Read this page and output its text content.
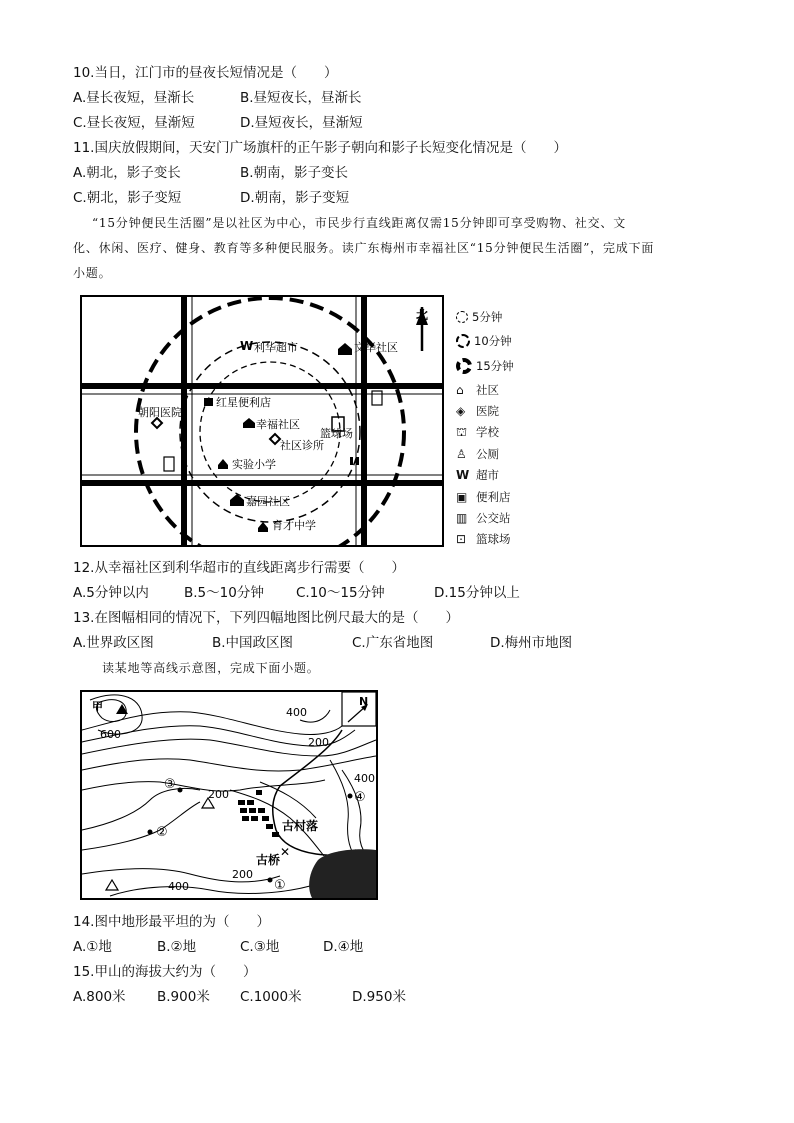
10.当日，江门市的昼夜长短情况是（　　）
A.昼长夜短，昼渐长	B.昼短夜长，昼渐长
C.昼长夜短，昼渐短	D.昼短夜长，昼渐短
11.国庆放假期间，天安门广场旗杆的正午影子朝向和影子长短变化情况是（　　）
A.朝北，影子变长	B.朝南，影子变长
C.朝北，影子变短	D.朝南，影子变短
“15分钟便民生活圈”是以社区为中心，市民步行直线距离仅需15分钟即可享受购物、社交、文
化、休闲、医疗、健身、教育等多种便民服务。读广东梅州市幸福社区“15分钟便民生活圈”，完成下面
小题。
W 利华超市	文华社区
红星便利店
幸福社区
社区诊所
篮球场
实验小学
朝阳医院
嘉园社区
育才中学
北	5分钟
10分钟
15分钟
⌂	社区
◈ 医院
⛫ 学校
♙ 公厕
W 超市
▣ 便利店
▥ 公交站
⊡ 篮球场
12.从幸福社区到利华超市的直线距离步行需要（　　）
A.5分钟以内	B.5～10分钟 C.10～15分钟	D.15分钟以上
13.在图幅相同的情况下，下列四幅地图比例尺最大的是（　　）
A.世界政区图	B.中国政区图	C.广东省地图	D.梅州市地图
读某地等高线示意图，完成下面小题。
N
✕
甲
600
400
200
400
200
200
400
古村落
古桥
①
②
③
④
14.图中地形最平坦的为（　　）
A.①地	B.②地	C.③地	D.④地
15.甲山的海拔大约为（　　）
A.800米 B.900米 C.1000米	D.950米
